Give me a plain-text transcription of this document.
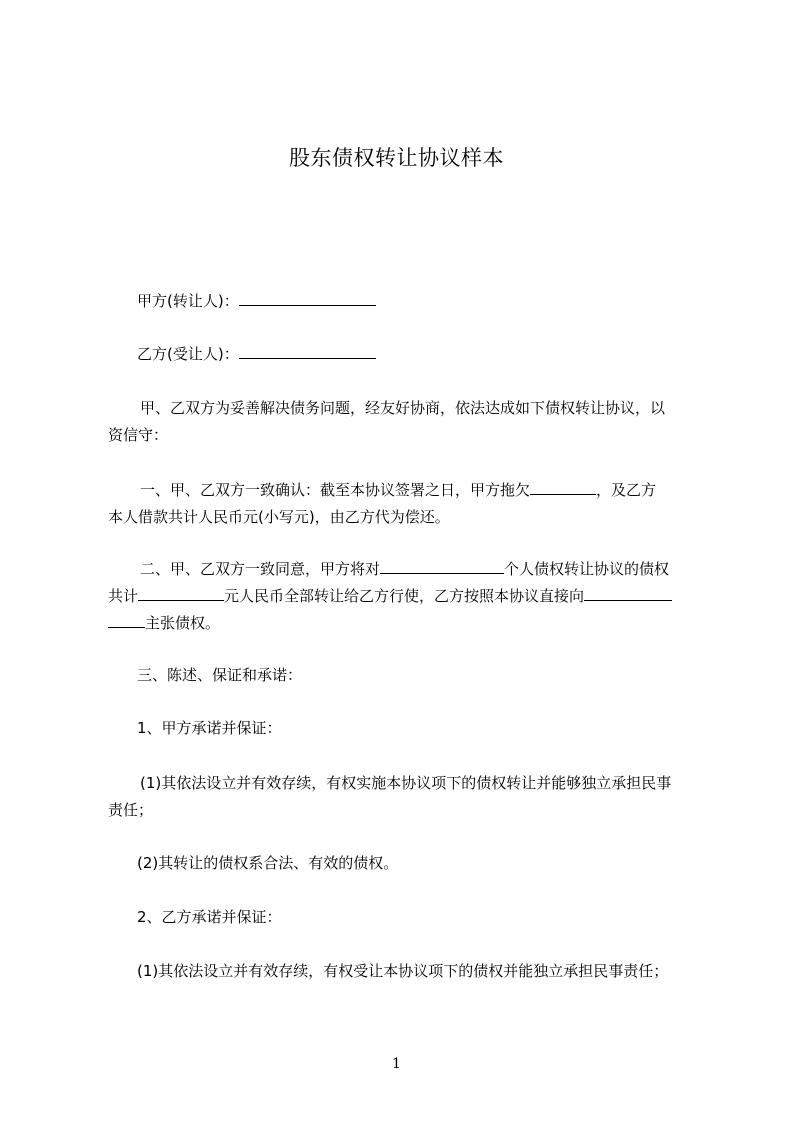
股东债权转让协议样本
甲方(转让人)：
乙方(受让人)：
甲、乙双方为妥善解决债务问题，经友好协商，依法达成如下债权转让协议，以
资信守：
一、甲、乙双方一致确认：截至本协议签署之日，甲方拖欠	，及乙方
本人借款共计人民币元(小写元)，由乙方代为偿还。
二、甲、乙双方一致同意，甲方将对	个人债权转让协议的债权
共计	元人民币全部转让给乙方行使，乙方按照本协议直接向
主张债权。
三、陈述、保证和承诺：
1、甲方承诺并保证：
(1)其依法设立并有效存续，有权实施本协议项下的债权转让并能够独立承担民事
责任；
(2)其转让的债权系合法、有效的债权。
2、乙方承诺并保证：
(1)其依法设立并有效存续，有权受让本协议项下的债权并能独立承担民事责任；
1
